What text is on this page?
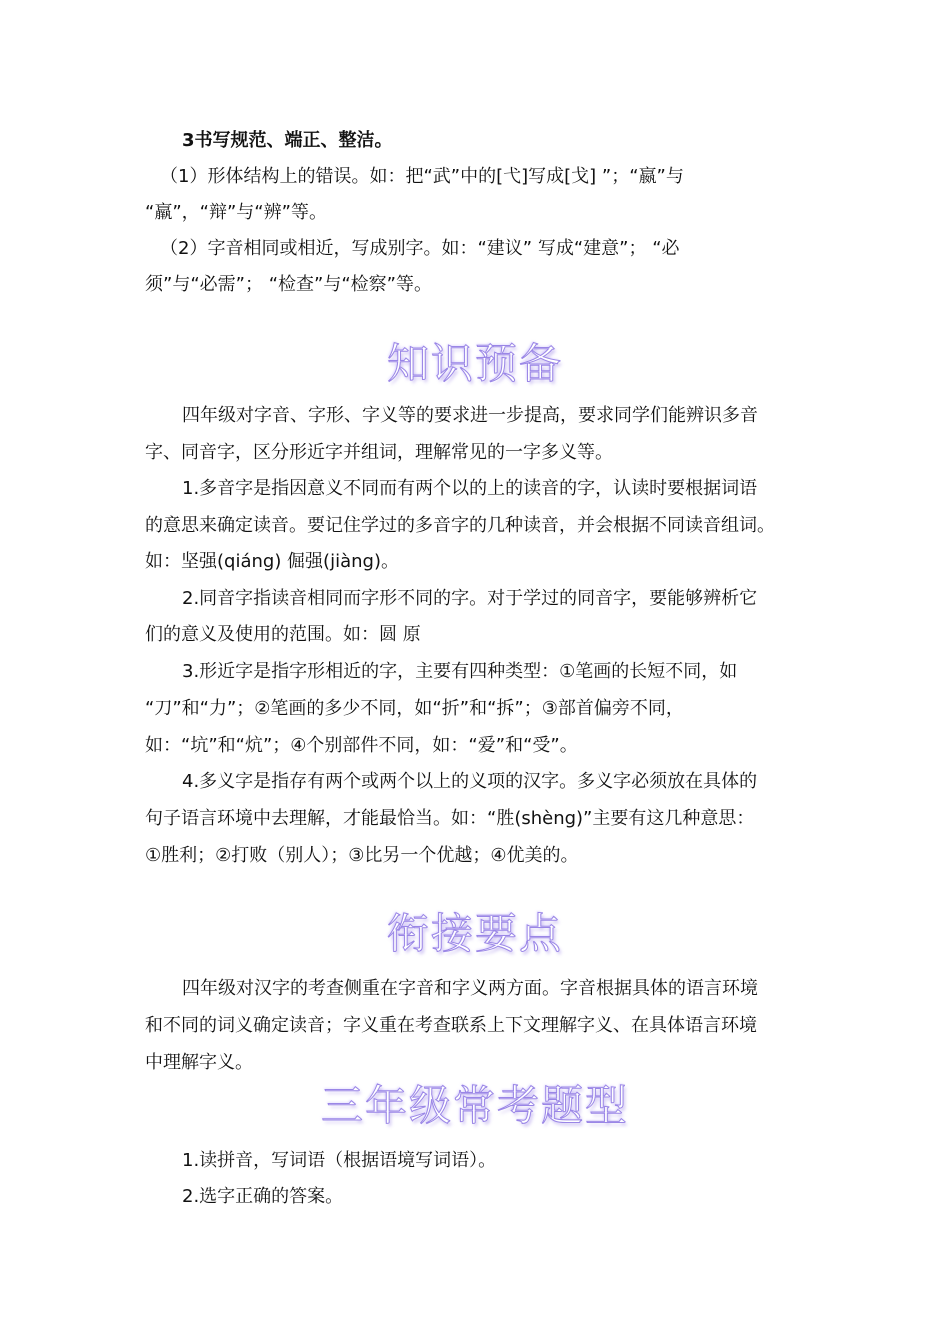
3书写规范、端正、整洁。
（1）形体结构上的错误。如：把“武”中的[弋]写成[戈] ”；“嬴”与
“羸”，“辩”与“辨”等。
（2）字音相同或相近，写成别字。如：“建议” 写成“建意”； “必
须”与“必需”； “检查”与“检察”等。
知识预备
四年级对字音、字形、字义等的要求进一步提高，要求同学们能辨识多音
字、同音字，区分形近字并组词，理解常见的一字多义等。
1.多音字是指因意义不同而有两个以的上的读音的字，认读时要根据词语
的意思来确定读音。要记住学过的多音字的几种读音，并会根据不同读音组词。
如：坚强(qiáng) 倔强(jiàng)。
2.同音字指读音相同而字形不同的字。对于学过的同音字，要能够辨析它
们的意义及使用的范围。如：圆 原
3.形近字是指字形相近的字，主要有四种类型：①笔画的长短不同，如
“刀”和“力”；②笔画的多少不同，如“折”和“拆”；③部首偏旁不同，
如：“坑”和“炕”；④个别部件不同，如：“爱”和“受”。
4.多义字是指存有两个或两个以上的义项的汉字。多义字必须放在具体的
句子语言环境中去理解，才能最恰当。如：“胜(shèng)”主要有这几种意思：
①胜利；②打败（别人）；③比另一个优越；④优美的。
衔接要点
四年级对汉字的考查侧重在字音和字义两方面。字音根据具体的语言环境
和不同的词义确定读音；字义重在考查联系上下文理解字义、在具体语言环境
中理解字义。
三年级常考题型
1.读拼音，写词语（根据语境写词语）。
2.选字正确的答案。
